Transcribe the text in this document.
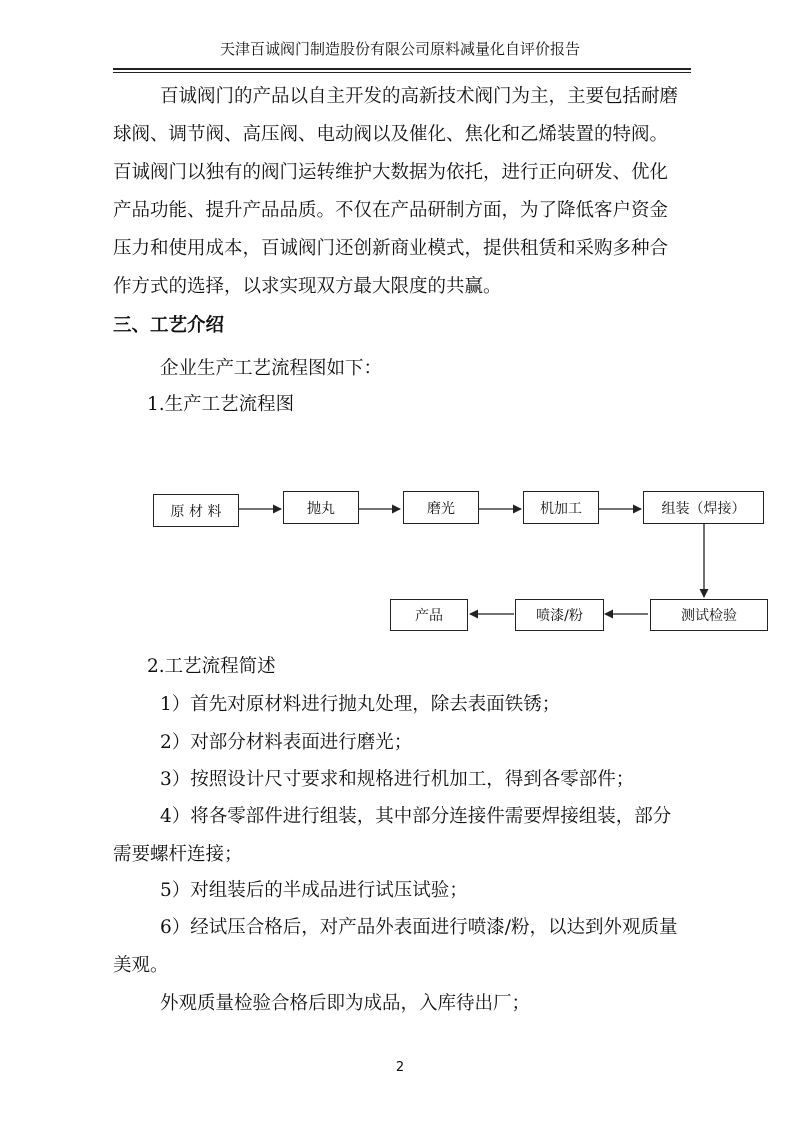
天津百诚阀门制造股份有限公司原料减量化自评价报告
百诚阀门的产品以自主开发的高新技术阀门为主，主要包括耐磨
球阀、调节阀、高压阀、电动阀以及催化、焦化和乙烯装置的特阀。
百诚阀门以独有的阀门运转维护大数据为依托，进行正向研发、优化
产品功能、提升产品品质。不仅在产品研制方面，为了降低客户资金
压力和使用成本，百诚阀门还创新商业模式，提供租赁和采购多种合
作方式的选择，以求实现双方最大限度的共赢。
三、工艺介绍
企业生产工艺流程图如下：
1.生产工艺流程图
原 材 料	抛丸	磨光	机加工	组装（焊接）
测试检验
喷漆/粉
产品
2.工艺流程简述
1）首先对原材料进行抛丸处理，除去表面铁锈；
2）对部分材料表面进行磨光；
3）按照设计尺寸要求和规格进行机加工，得到各零部件；
4）将各零部件进行组装，其中部分连接件需要焊接组装，部分
需要螺杆连接；
5）对组装后的半成品进行试压试验；
6）经试压合格后，对产品外表面进行喷漆/粉，以达到外观质量
美观。
外观质量检验合格后即为成品，入库待出厂；
2
